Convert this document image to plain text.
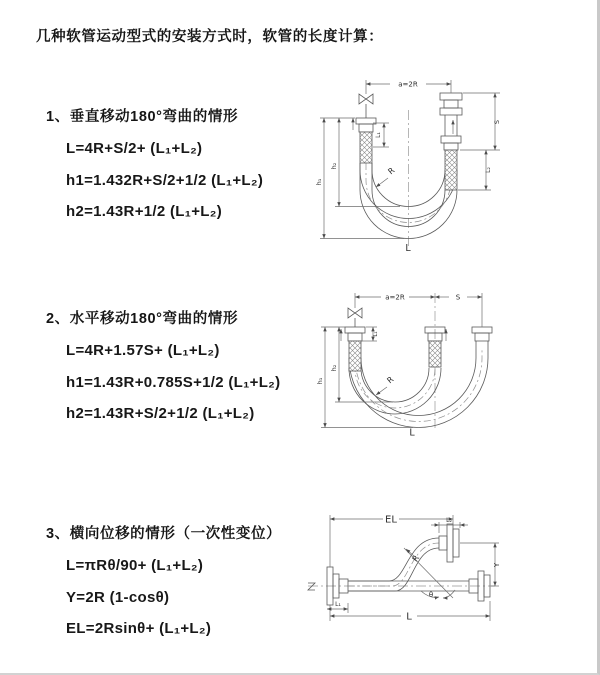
几种软管运动型式的安装方式时，软管的长度计算：
1、垂直移动180°弯曲的情形
L=4R+S/2+ (L₁+L₂)
h1=1.432R+S/2+1/2 (L₁+L₂)
h2=1.43R+1/2 (L₁+L₂)
2、水平移动180°弯曲的情形
L=4R+1.57S+ (L₁+L₂)
h1=1.43R+0.785S+1/2 (L₁+L₂)
h2=1.43R+S/2+1/2 (L₁+L₂)
3、横向位移的情形（一次性变位）
L=πRθ/90+ (L₁+L₂)
Y=2R (1-cosθ)
EL=2Rsinθ+ (L₁+L₂)
a=2R
L₁
S
L₂
h₁
h₂	R
L
a=2R	S
L₁
h₁
h₂
R
L
EL	L₂
Y
L
L₁
R
θ
